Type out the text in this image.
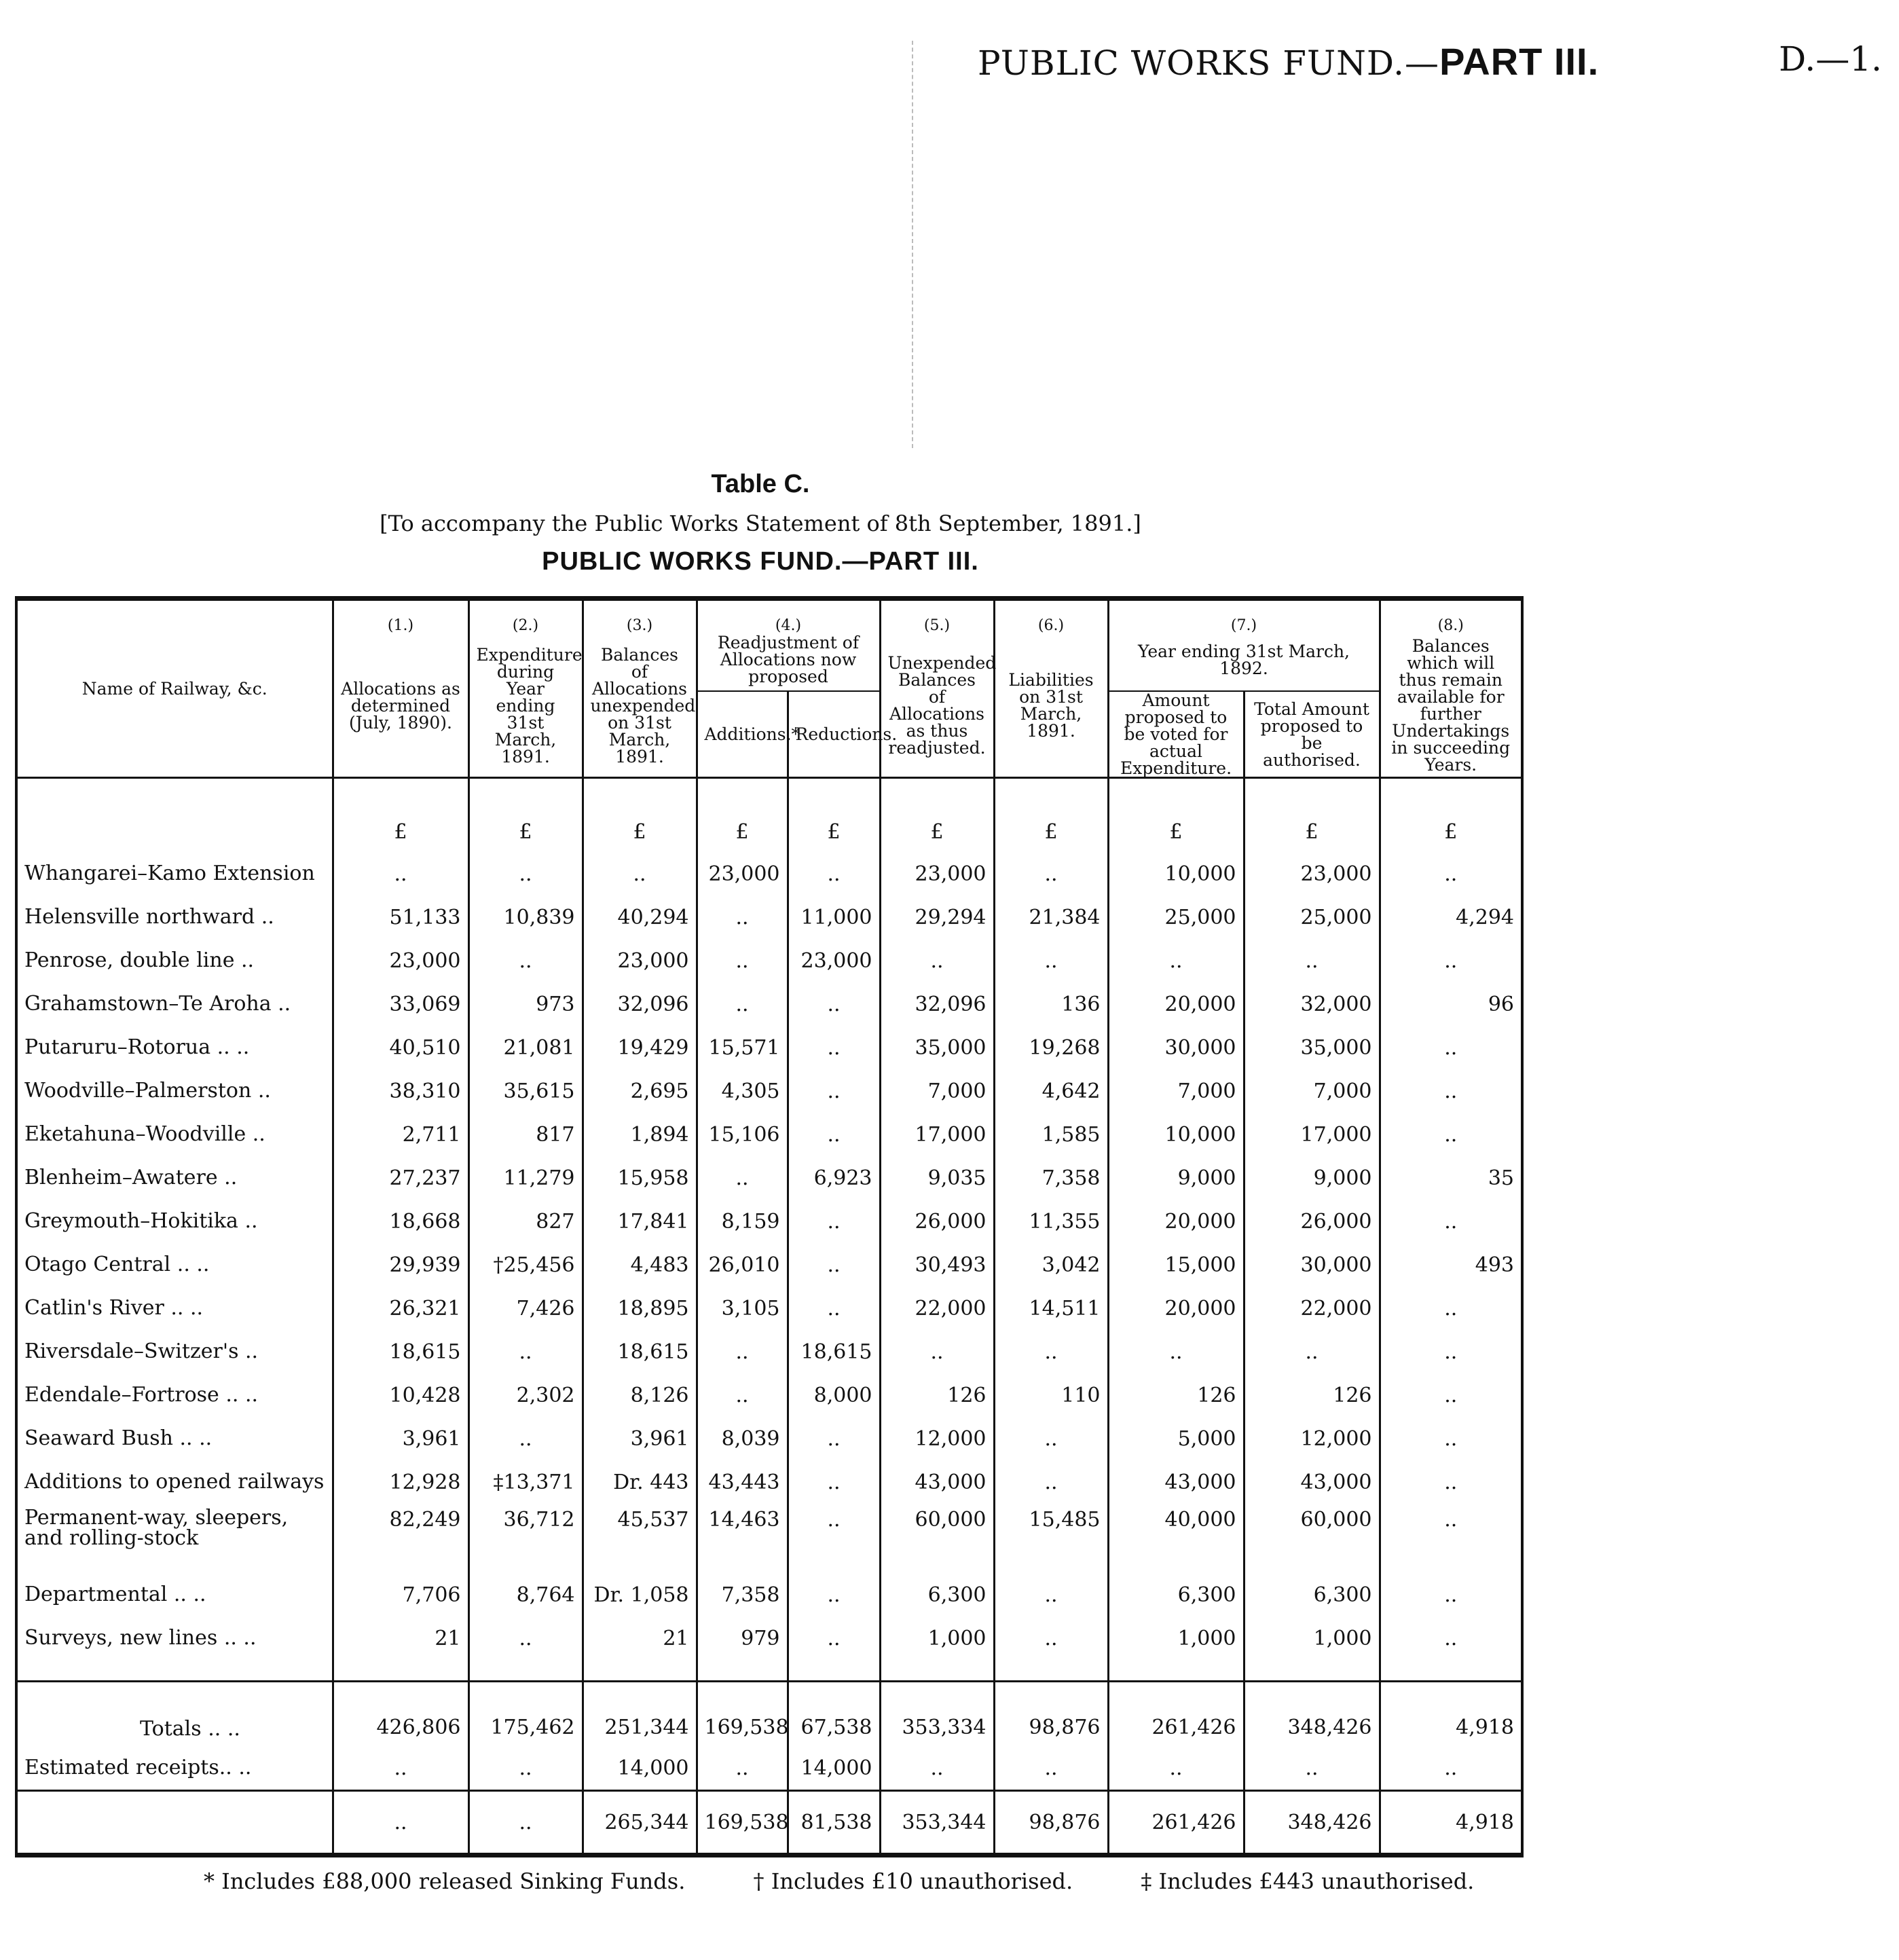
PUBLIC WORKS FUND.—PART III.	D.—1.
Table C.
[To accompany the Public Works Statement of 8th September, 1891.]
PUBLIC WORKS FUND.—PART III.
Name of Railway, &c.	(1.)	(2.)	(3.)	(4.)		(5.)	(6.)	(7.)		(8.)
	Allocations as determined (July, 1890).	Expenditure during Year ending 31st March, 1891.	Balances of Allocations unexpended on 31st March, 1891.	Readjustment of Allocations now proposed		Unexpended Balances of Allocations as thus readjusted.	Liabilities on 31st March, 1891.	Year ending 31st March, 1892.		Balances which will thus remain available for further Undertakings in succeeding Years.
				Additions.*	Reductions.			Amount proposed to be voted for actual Expenditure.	Total Amount proposed to be authorised.	
	£	£	£	£	£	£	£	£	£	£
Whangarei–Kamo Extension	..	..	..	23,000	..	23,000	..	10,000	23,000	..
Helensville northward ..	51,133	10,839	40,294	..	11,000	29,294	21,384	25,000	25,000	4,294
Penrose, double line ..	23,000	..	23,000	..	23,000	..	..	..	..	..
Grahamstown–Te Aroha ..	33,069	973	32,096	..	..	32,096	136	20,000	32,000	96
Putaruru–Rotorua .. ..	40,510	21,081	19,429	15,571	..	35,000	19,268	30,000	35,000	..
Woodville–Palmerston ..	38,310	35,615	2,695	4,305	..	7,000	4,642	7,000	7,000	..
Eketahuna–Woodville ..	2,711	817	1,894	15,106	..	17,000	1,585	10,000	17,000	..
Blenheim–Awatere ..	27,237	11,279	15,958	..	6,923	9,035	7,358	9,000	9,000	35
Greymouth–Hokitika ..	18,668	827	17,841	8,159	..	26,000	11,355	20,000	26,000	..
Otago Central .. ..	29,939	†25,456	4,483	26,010	..	30,493	3,042	15,000	30,000	493
Catlin's River .. ..	26,321	7,426	18,895	3,105	..	22,000	14,511	20,000	22,000	..
Riversdale–Switzer's ..	18,615	..	18,615	..	18,615	..	..	..	..	..
Edendale–Fortrose .. ..	10,428	2,302	8,126	..	8,000	126	110	126	126	..
Seaward Bush .. ..	3,961	..	3,961	8,039	..	12,000	..	5,000	12,000	..
Additions to opened railways	12,928	‡13,371	Dr. 443	43,443	..	43,000	..	43,000	43,000	..
Permanent-way, sleepers, and rolling-stock	82,249	36,712	45,537	14,463	..	60,000	15,485	40,000	60,000	..
Departmental .. ..	7,706	8,764	Dr. 1,058	7,358	..	6,300	..	6,300	6,300	..
Surveys, new lines .. ..	21	..	21	979	..	1,000	..	1,000	1,000	..

Totals .. ..	426,806	175,462	251,344	169,538	67,538	353,334	98,876	261,426	348,426	4,918
Estimated receipts.. ..	..	..	14,000	..	14,000	..	..	..	..	..
	..	..	265,344	169,538	81,538	353,344	98,876	261,426	348,426	4,918
* Includes £88,000 released Sinking Funds.	† Includes £10 unauthorised.	‡ Includes £443 unauthorised.
